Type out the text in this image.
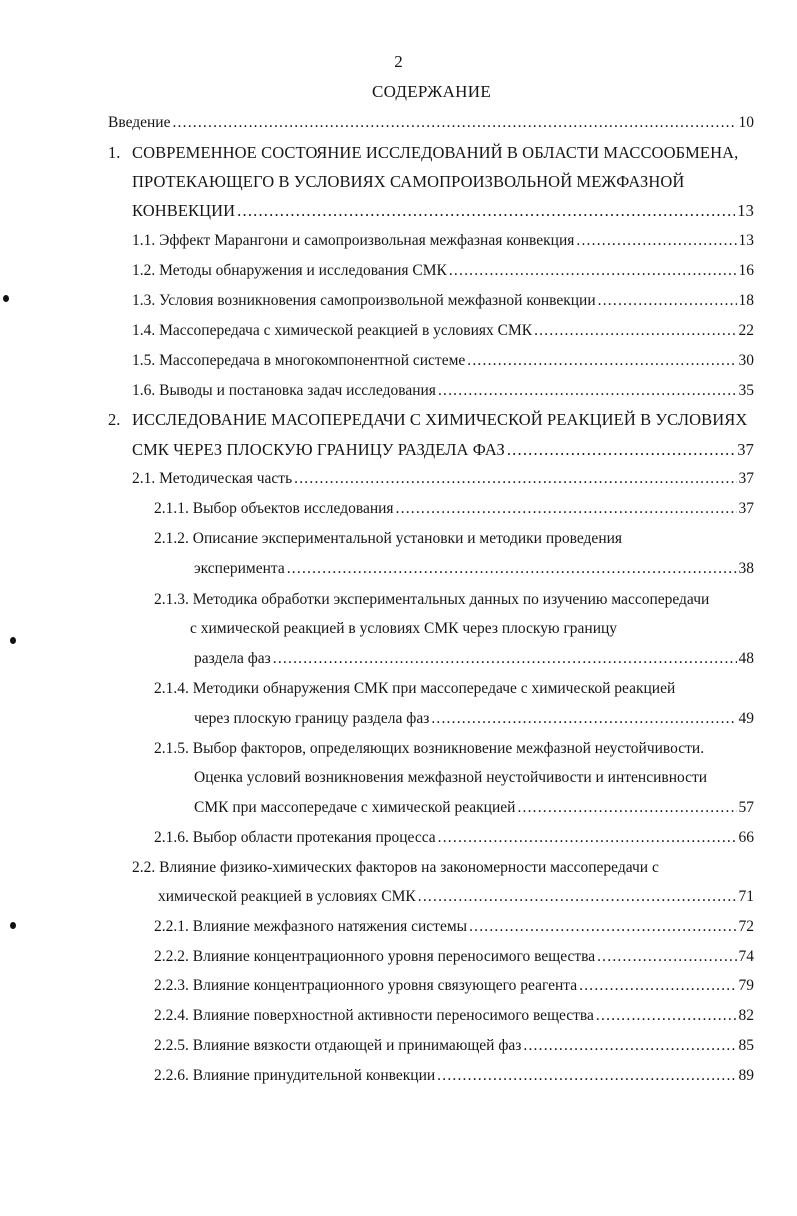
2
СОДЕРЖАНИЕ
Введение .....	10
1. СОВРЕМЕННОЕ СОСТОЯНИЕ ИССЛЕДОВАНИЙ В ОБЛАСТИ МАССООБМЕНА,
ПРОТЕКАЮЩЕГО В УСЛОВИЯХ САМОПРОИЗВОЛЬНОЙ МЕЖФАЗНОЙ
КОНВЕКЦИИ .....	13
1.1. Эффект Марангони и самопроизвольная межфазная конвекция .....	13
1.2. Методы обнаружения и исследования СМК .....	16
1.3. Условия возникновения самопроизвольной межфазной конвекции .....	18
1.4. Массопередача с химической реакцией в условиях СМК .....	22
1.5. Массопередача в многокомпонентной системе .....	30
1.6. Выводы и постановка задач исследования .....	35
2. ИССЛЕДОВАНИЕ МАСОПЕРЕДАЧИ С ХИМИЧЕСКОЙ РЕАКЦИЕЙ В УСЛОВИЯХ
СМК ЧЕРЕЗ ПЛОСКУЮ ГРАНИЦУ РАЗДЕЛА ФАЗ .....	37
2.1. Методическая часть .....	37
2.1.1. Выбор объектов исследования .....	37
2.1.2. Описание экспериментальной установки и методики проведения
эксперимента .....	38
2.1.3. Методика обработки экспериментальных данных по изучению массопередачи
с химической реакцией в условиях СМК через плоскую границу
раздела фаз .....	48
2.1.4. Методики обнаружения СМК при массопередаче с химической реакцией
через плоскую границу раздела фаз .....	49
2.1.5. Выбор факторов, определяющих возникновение межфазной неустойчивости.
Оценка условий возникновения межфазной неустойчивости и интенсивности
СМК при массопередаче с химической реакцией .....	57
2.1.6. Выбор области протекания процесса .....	66
2.2. Влияние физико-химических факторов на закономерности массопередачи с
химической реакцией в условиях СМК .....	71
2.2.1. Влияние межфазного натяжения системы .....	72
2.2.2. Влияние концентрационного уровня переносимого вещества .....	74
2.2.3. Влияние концентрационного уровня связующего реагента .....	79
2.2.4. Влияние поверхностной активности переносимого вещества .....	82
2.2.5. Влияние вязкости отдающей и принимающей фаз .....	85
2.2.6. Влияние принудительной конвекции .....	89
